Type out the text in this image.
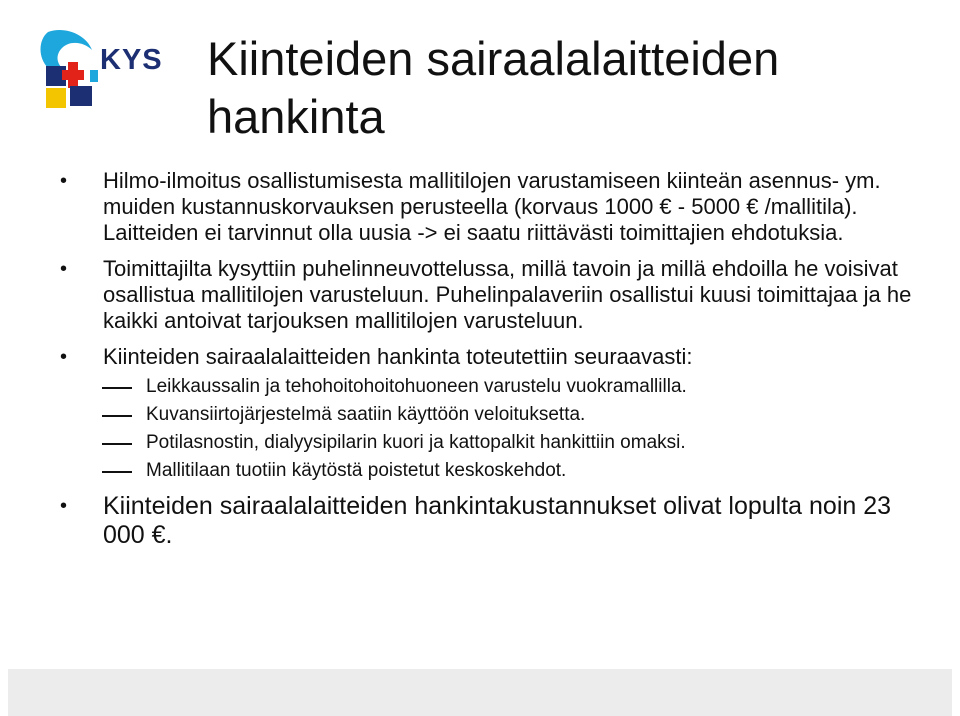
KYS Kiinteiden sairaalalaitteiden hankinta
• Hilmo-ilmoitus osallistumisesta mallitilojen varustamiseen kiinteän asennus- ym. muiden kustannuskorvauksen perusteella (korvaus 1000 € - 5000 € /mallitila). Laitteiden ei tarvinnut olla uusia -> ei saatu riittävästi toimittajien ehdotuksia.
• Toimittajilta kysyttiin puhelinneuvottelussa, millä tavoin ja millä ehdoilla he voisivat osallistua mallitilojen varusteluun. Puhelinpalaveriin osallistui kuusi toimittajaa ja he kaikki antoivat tarjouksen mallitilojen varusteluun.
• Kiinteiden sairaalalaitteiden hankinta toteutettiin seuraavasti:
Leikkaussalin ja tehohoitohoitohuoneen varustelu vuokramallilla.
Kuvansiirtojärjestelmä saatiin käyttöön veloituksetta.
Potilasnostin, dialyysipilarin kuori ja kattopalkit hankittiin omaksi.
Mallitilaan tuotiin käytöstä poistetut keskoskehdot.
• Kiinteiden sairaalalaitteiden hankintakustannukset olivat lopulta noin 23 000 €.
